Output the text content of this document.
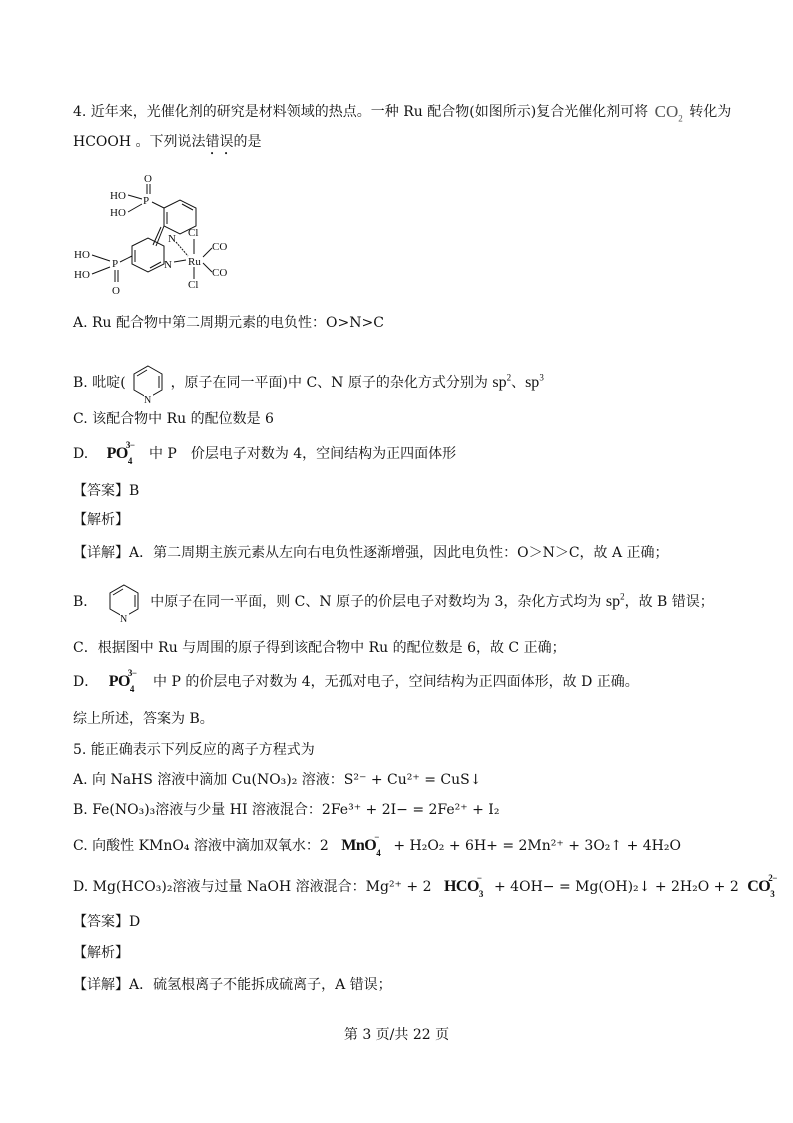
4. 近年来，光催化剂的研究是材料领域的热点。一种 Ru 配合物(如图所示)复合光催化剂可将 $CO_2$ 转化为
HCOOH 。下列说法错误的是
O
HO P
HO
N
N
P
HO
HO
O
Ru
Cl
Cl
CO
CO
A. Ru 配合物中第二周期元素的电负性：O>N>C
B. 吡啶(
N
，原子在同一平面)中 C、N 原子的杂化方式分别为 $sp^2$、$sp^3$
C. 该配合物中 Ru 的配位数是 6
D. $PO_4^{3-}$ 中 P　价层电子对数为 4，空间结构为正四面体形
【答案】B
【解析】
【详解】A．第二周期主族元素从左向右电负性逐渐增强，因此电负性：O＞N＞C，故 A 正确；
B．
N
中原子在同一平面，则 C、N 原子的价层电子对数均为 3，杂化方式均为 $sp^2$，故 B 错误；
C．根据图中 Ru 与周围的原子得到该配合物中 Ru 的配位数是 6，故 C 正确；
D． $PO_4^{3-}$ 中 P 的价层电子对数为 4，无孤对电子，空间结构为正四面体形，故 D 正确。
综上所述，答案为 B。
5. 能正确表示下列反应的离子方程式为
A. 向 NaHS 溶液中滴加 Cu(NO₃)₂ 溶液：S²⁻ + Cu²⁺ = CuS↓
B. Fe(NO₃)₃溶液与少量 HI 溶液混合：2Fe³⁺ + 2I− = 2Fe²⁺ + I₂
C. 向酸性 KMnO₄ 溶液中滴加双氧水：2 MnO$_4$− + H₂O₂ + 6H+ = 2Mn²⁺ + 3O₂↑ + 4H₂O
D. Mg(HCO₃)₂溶液与过量 NaOH 溶液混合：Mg²⁺ + 2 $HCO_3^- + 4OH-$ = Mg(OH)₂↓ + 2H₂O + 2 $CO_3^{2-}$
【答案】D
【解析】
【详解】A．硫氢根离子不能拆成硫离子，A 错误；
第 3 页/共 22 页
